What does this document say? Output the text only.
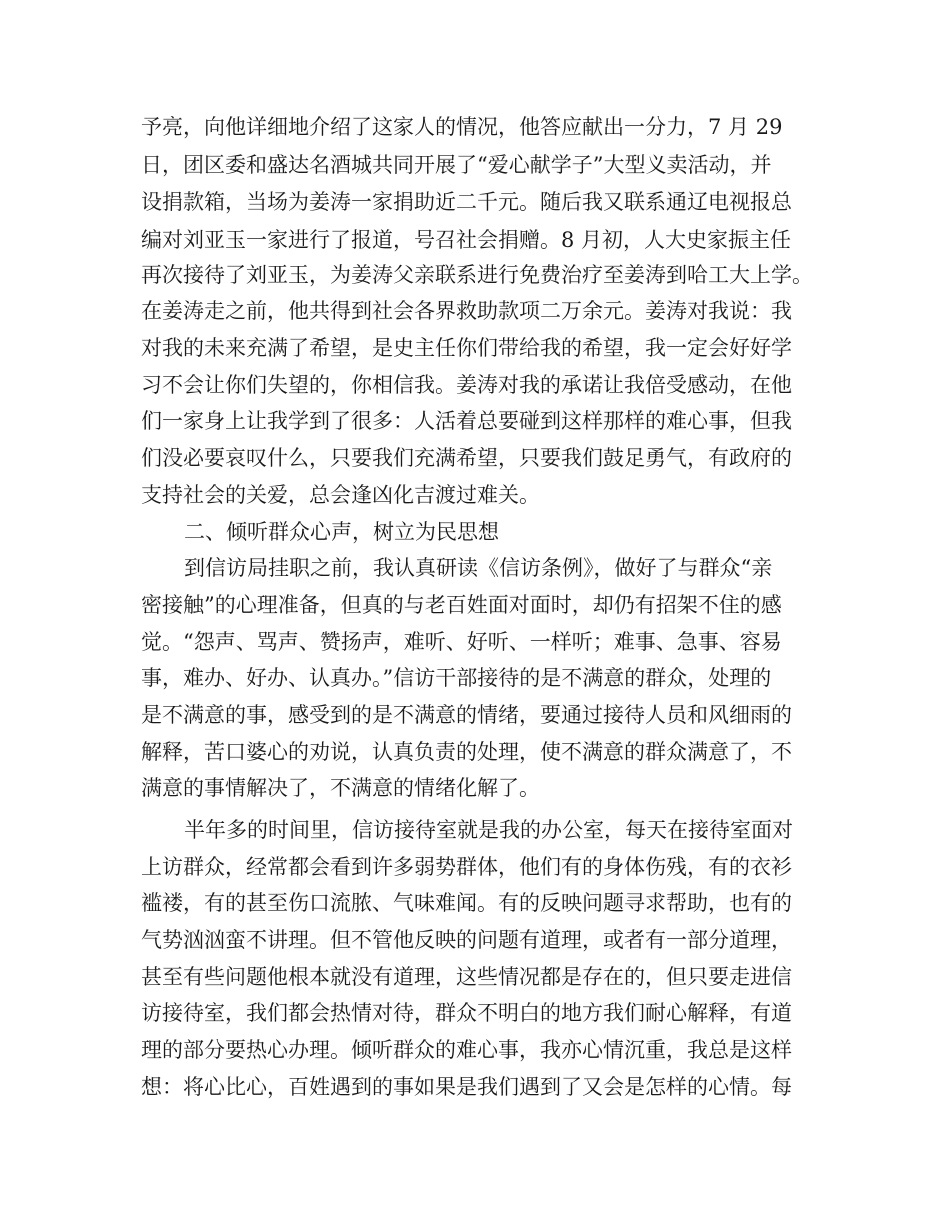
予亮，向他详细地介绍了这家人的情况，他答应献出一分力，7 月 29

日，团区委和盛达名酒城共同开展了“爱心献学子”大型义卖活动，并

设捐款箱，当场为姜涛一家捐助近二千元。随后我又联系通辽电视报总

编对刘亚玉一家进行了报道，号召社会捐赠。8 月初，人大史家振主任

再次接待了刘亚玉，为姜涛父亲联系进行免费治疗至姜涛到哈工大上学。

在姜涛走之前，他共得到社会各界救助款项二万余元。姜涛对我说：我

对我的未来充满了希望，是史主任你们带给我的希望，我一定会好好学

习不会让你们失望的，你相信我。姜涛对我的承诺让我倍受感动，在他

们一家身上让我学到了很多：人活着总要碰到这样那样的难心事，但我

们没必要哀叹什么，只要我们充满希望，只要我们鼓足勇气，有政府的

支持社会的关爱，总会逢凶化吉渡过难关。

二、倾听群众心声，树立为民思想

到信访局挂职之前，我认真研读《信访条例》，做好了与群众“亲

密接触”的心理准备，但真的与老百姓面对面时，却仍有招架不住的感

觉。“怨声、骂声、赞扬声，难听、好听、一样听；难事、急事、容易

事，难办、好办、认真办。”信访干部接待的是不满意的群众，处理的

是不满意的事，感受到的是不满意的情绪，要通过接待人员和风细雨的

解释，苦口婆心的劝说，认真负责的处理，使不满意的群众满意了，不

满意的事情解决了，不满意的情绪化解了。

半年多的时间里，信访接待室就是我的办公室，每天在接待室面对

上访群众，经常都会看到许多弱势群体，他们有的身体伤残，有的衣衫

褴褛，有的甚至伤口流脓、气味难闻。有的反映问题寻求帮助，也有的

气势汹汹蛮不讲理。但不管他反映的问题有道理，或者有一部分道理，

甚至有些问题他根本就没有道理，这些情况都是存在的，但只要走进信

访接待室，我们都会热情对待，群众不明白的地方我们耐心解释，有道

理的部分要热心办理。倾听群众的难心事，我亦心情沉重，我总是这样

想：将心比心，百姓遇到的事如果是我们遇到了又会是怎样的心情。每
